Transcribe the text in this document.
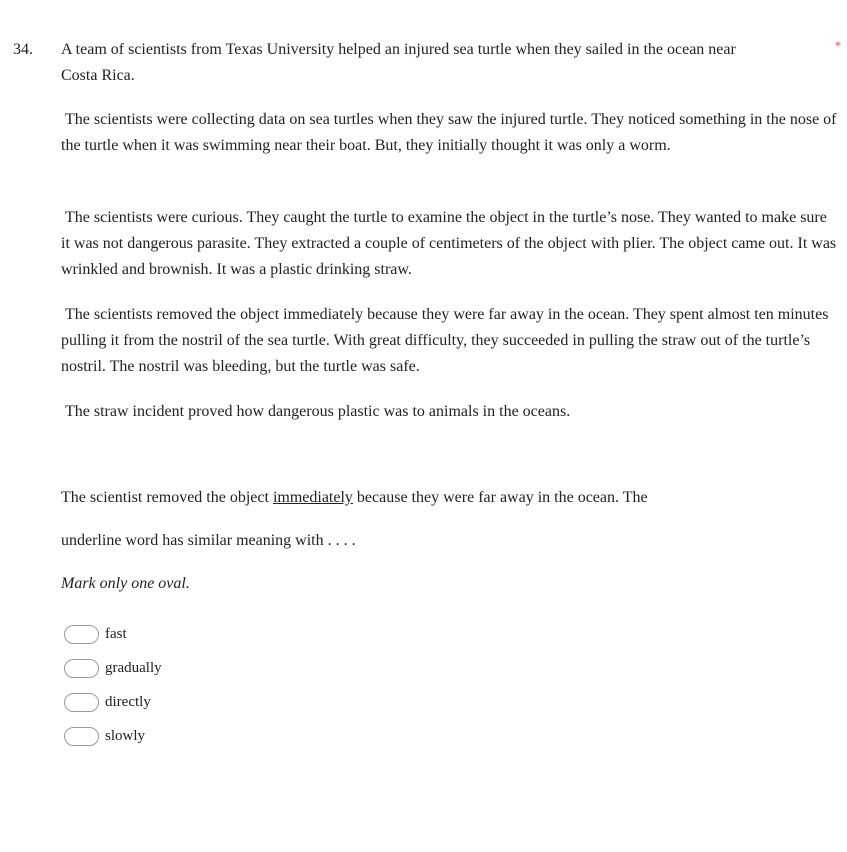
34.	*

A team of scientists from Texas University helped an injured sea turtle when they sailed in the ocean near Costa Rica.

The scientists were collecting data on sea turtles when they saw the injured turtle. They noticed something in the nose of the turtle when it was swimming near their boat. But, they initially thought it was only a worm.

The scientists were curious. They caught the turtle to examine the object in the turtle’s nose. They wanted to make sure it was not dangerous parasite. They extracted a couple of centimeters of the object with plier. The object came out. It was wrinkled and brownish. It was a plastic drinking straw.

The scientists removed the object immediately because they were far away in the ocean. They spent almost ten minutes pulling it from the nostril of the sea turtle. With great difficulty, they succeeded in pulling the straw out of the turtle’s nostril. The nostril was bleeding, but the turtle was safe.

The straw incident proved how dangerous plastic was to animals in the oceans.

The scientist removed the object immediately because they were far away in the ocean. The

underline word has similar meaning with . . . .

Mark only one oval.
fast
gradually
directly
slowly
